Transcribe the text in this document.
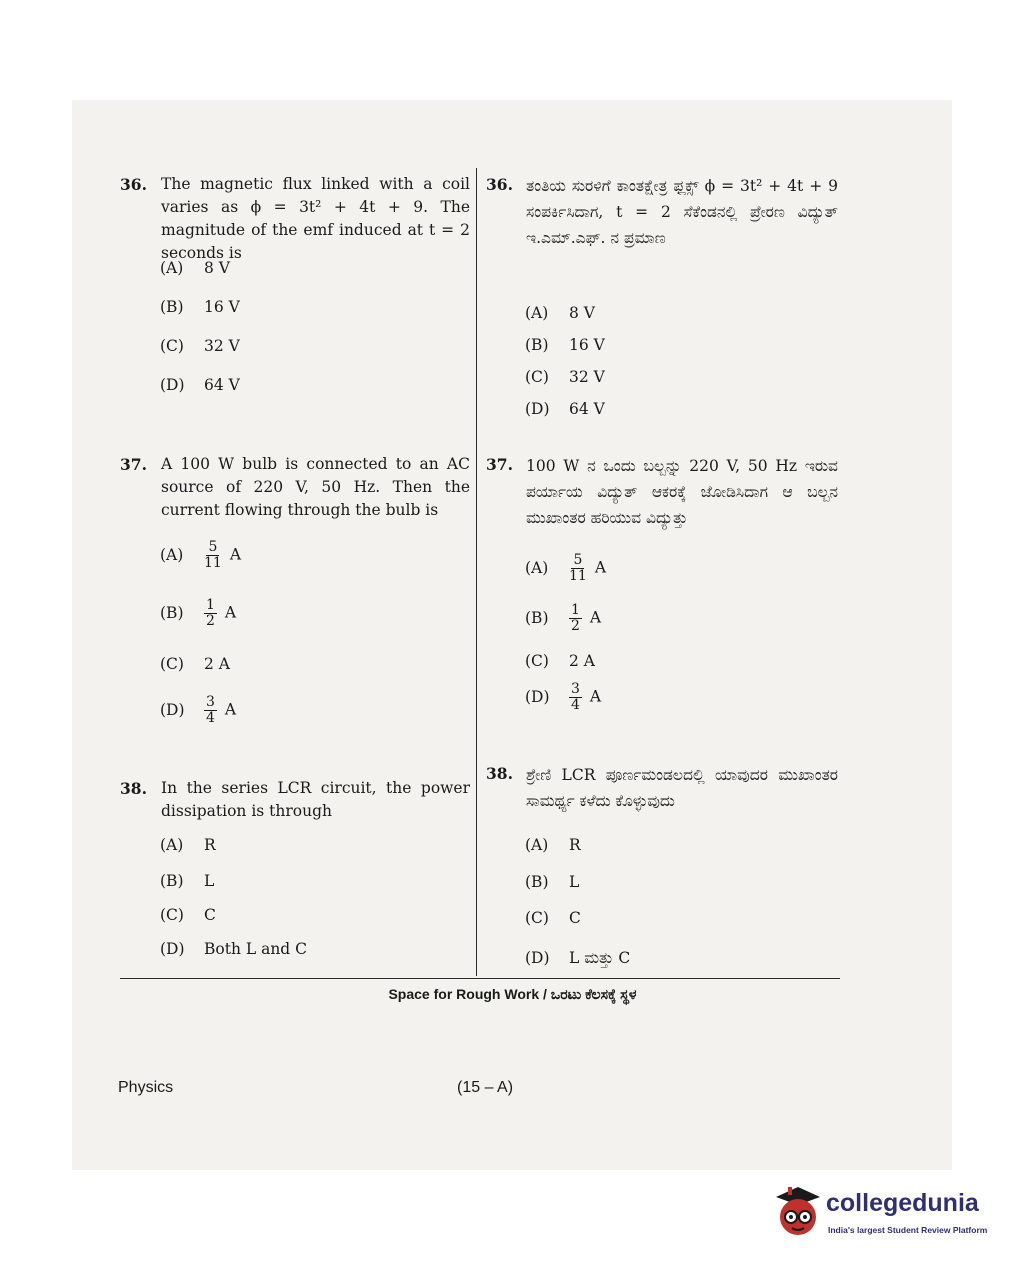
36. The magnetic flux linked with a coil varies as ϕ = 3t² + 4t + 9. The magnitude of the emf induced at t = 2 seconds is
(A) 8 V
(B) 16 V
(C) 32 V
(D) 64 V
37. A 100 W bulb is connected to an AC source of 220 V, 50 Hz. Then the current flowing through the bulb is
$(A) \frac{5}{11}$ A
$(B) \frac{1}{2}$ A
(C) 2 A
$(D) \frac{3}{4}$ A
38. In the series LCR circuit, the power dissipation is through
(A) R
(B) L
(C) C
(D) Both L and C
36. ತಂತಿಯ ಸುರಳಿಗೆ ಕಾಂತಕ್ಷೇತ್ರ ಫ್ಲಕ್ಸ್ ϕ = 3t² + 4t + 9 ಸಂಪರ್ಕಿಸಿದಾಗ, t = 2 ಸೆಕೆಂಡನಲ್ಲಿ ಪ್ರೇರಣ ವಿದ್ಯುತ್ ಇ.ಎಮ್.ಎಫ್. ನ ಪ್ರಮಾಣ
(A) 8 V
(B) 16 V
(C) 32 V
(D) 64 V
37. 100 W ನ ಒಂದು ಬಲ್ಬನ್ನು 220 V, 50 Hz ಇರುವ ಪರ್ಯಾಯ ವಿದ್ಯುತ್ ಆಕರಕ್ಕೆ ಜೋಡಿಸಿದಾಗ ಆ ಬಲ್ಬನ ಮುಖಾಂತರ ಹರಿಯುವ ವಿದ್ಯುತ್ತು
$(A) \frac{5}{11}$ A
$(B) \frac{1}{2}$ A
(C) 2 A
$(D) \frac{3}{4}$ A
38. ಶ್ರೇಣಿ LCR ಪೂರ್ಣಮಂಡಲದಲ್ಲಿ ಯಾವುದರ ಮುಖಾಂತರ ಸಾಮರ್ಥ್ಯ ಕಳೆದು ಕೊಳ್ಳುವುದು
(A) R
(B) L
(C) C
(D) L ಮತ್ತು C
Space for Rough Work / ಒರಟು ಕೆಲಸಕ್ಕೆ ಸ್ಥಳ
Physics	(15 – A)
collegedunia
India's largest Student Review Platform
